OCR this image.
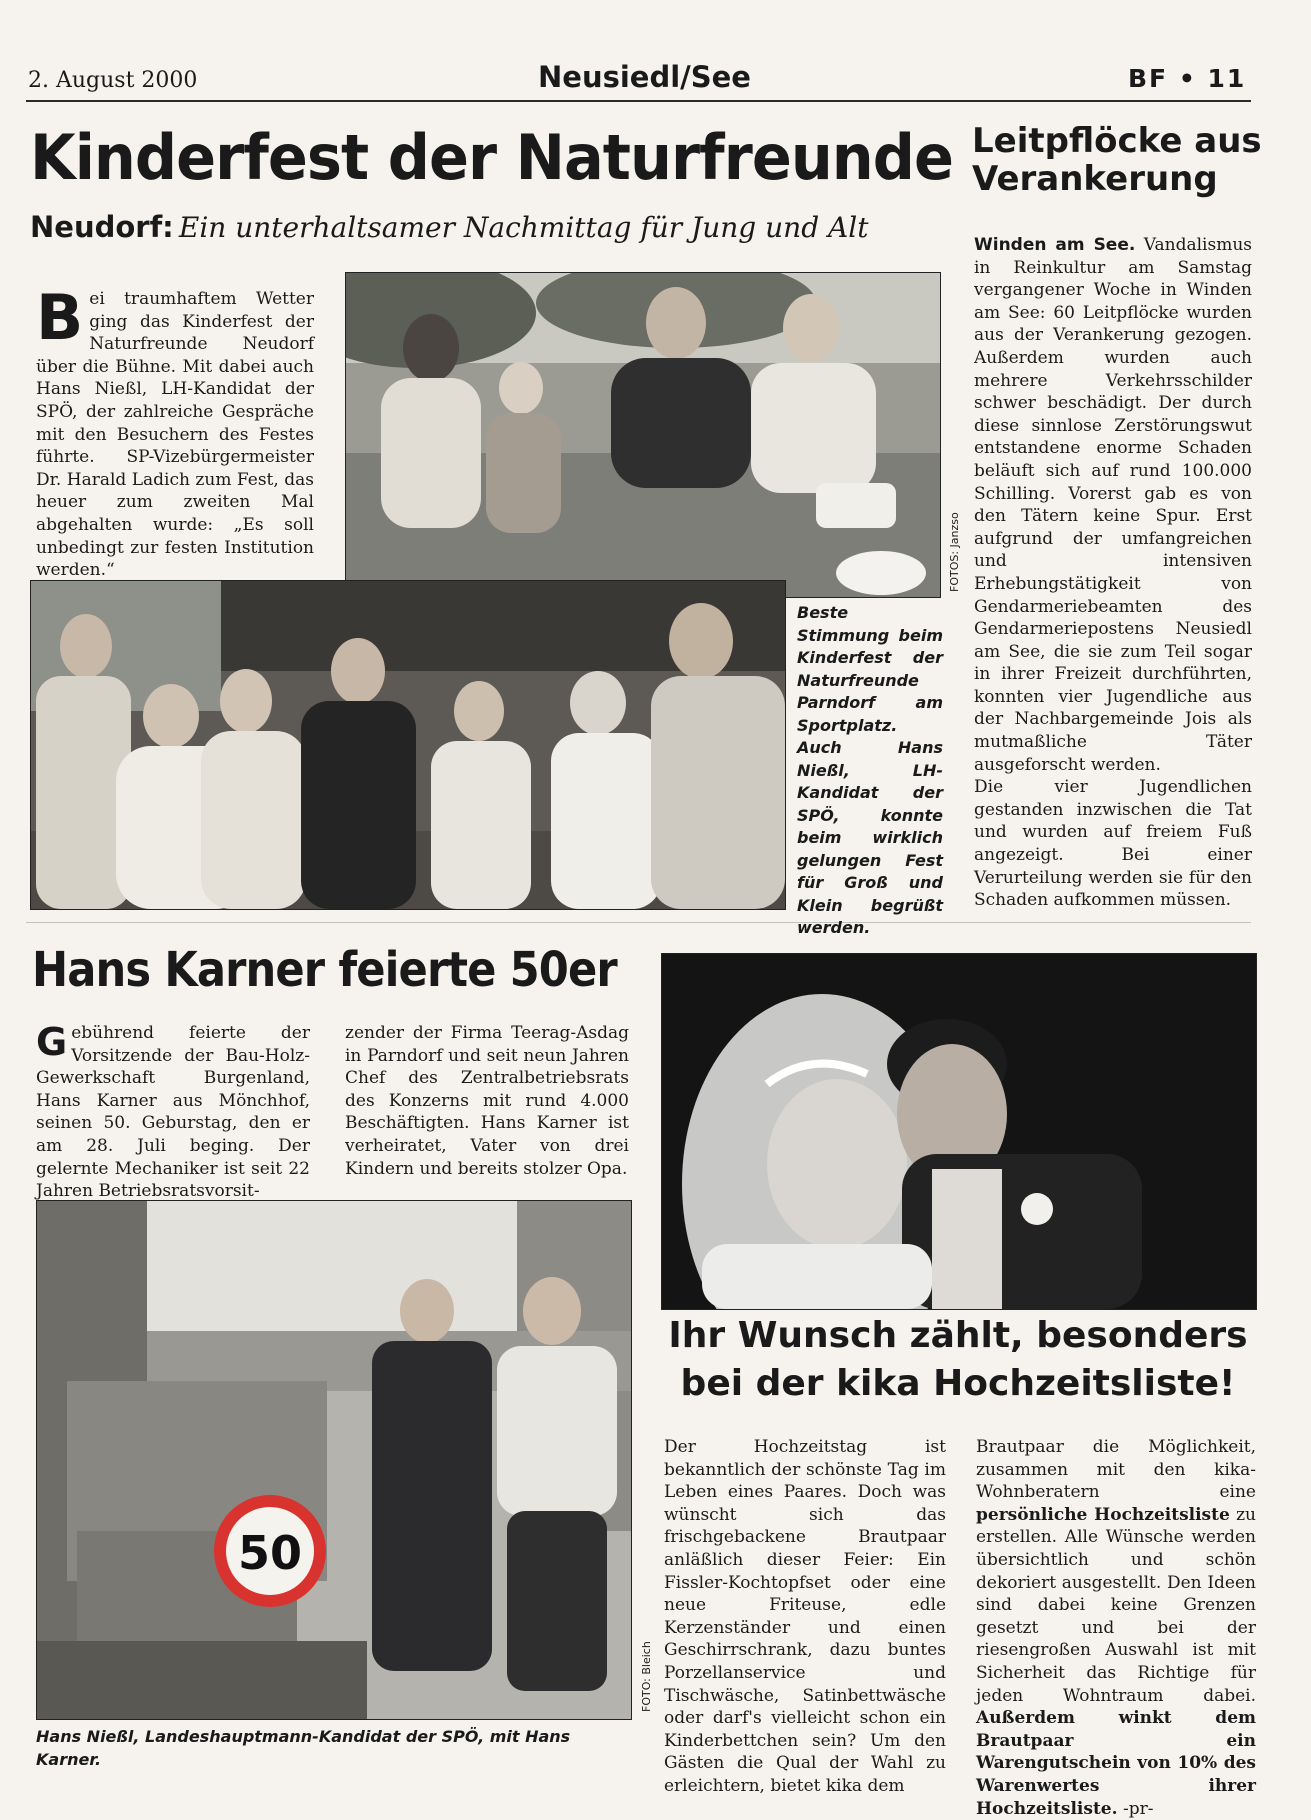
2. August 2000	Neusiedl/See	BF • 11
Kinderfest der Naturfreunde
Neudorf: Ein unterhaltsamer Nachmittag für Jung und Alt
B ei traumhaftem Wetter ging das Kinderfest der Naturfreunde Neudorf über die Bühne. Mit dabei auch Hans Nießl, LH-Kandidat der SPÖ, der zahlreiche Gespräche mit den Besuchern des Festes führte. SP-Vizebürgermeister Dr. Harald Ladich zum Fest, das heuer zum zweiten Mal abgehalten wurde: „Es soll unbedingt zur festen Institution werden.“	FOTOS: Janzso
Beste Stimmung beim Kinderfest der Naturfreunde Parndorf am Sportplatz. Auch Hans Nießl, LH-Kandidat der SPÖ, konnte beim wirklich gelungen Fest für Groß und Klein begrüßt werden.
Leitpflöcke aus Verankerung

Winden am See. Vandalismus in Reinkultur am Samstag vergangener Woche in Winden am See: 60 Leitpflöcke wurden aus der Verankerung gezogen. Außerdem wurden auch mehrere Verkehrsschilder schwer beschädigt. Der durch diese sinnlose Zerstörungswut entstandene enorme Schaden beläuft sich auf rund 100.000 Schilling. Vorerst gab es von den Tätern keine Spur. Erst aufgrund der umfangreichen und intensiven Erhebungstätigkeit von Gendarmeriebeamten des Gendarmeriepostens Neusiedl am See, die sie zum Teil sogar in ihrer Freizeit durchführten, konnten vier Jugendliche aus der Nachbargemeinde Jois als mutmaßliche Täter ausgeforscht werden.

Die vier Jugendlichen gestanden inzwischen die Tat und wurden auf freiem Fuß angezeigt. Bei einer Verurteilung werden sie für den Schaden aufkommen müssen.

Hans Karner feierte 50er
G ebührend feierte der Vorsitzende der Bau-Holz-Gewerkschaft Burgenland, Hans Karner aus Mönchhof, seinen 50. Geburstag, den er am 28. Juli beging. Der gelernte Mechaniker ist seit 22 Jahren Betriebsratsvorsit-
zender der Firma Teerag-Asdag in Parndorf und seit neun Jahren Chef des Zentralbetriebsrats des Konzerns mit rund 4.000 Beschäftigten. Hans Karner ist verheiratet, Vater von drei Kindern und bereits stolzer Opa.
50
FOTO: Bleich
Hans Nießl, Landeshauptmann-Kandidat der SPÖ, mit Hans Karner.
Ihr Wunsch zählt, besonders
bei der kika Hochzeitsliste!
Der Hochzeitstag ist bekanntlich der schönste Tag im Leben eines Paares. Doch was wünscht sich das frischgebackene Brautpaar anläßlich dieser Feier: Ein Fissler-Kochtopfset oder eine neue Friteuse, edle Kerzenständer und einen Geschirrschrank, dazu buntes Porzellanservice und Tischwäsche, Satinbettwäsche oder darf's vielleicht schon ein Kinderbettchen sein? Um den Gästen die Qual der Wahl zu erleichtern, bietet kika dem
Brautpaar die Möglichkeit, zusammen mit den kika-Wohnberatern eine persönliche Hochzeitsliste zu erstellen. Alle Wünsche werden übersichtlich und schön dekoriert ausgestellt. Den Ideen sind dabei keine Grenzen gesetzt und bei der riesengroßen Auswahl ist mit Sicherheit das Richtige für jeden Wohntraum dabei. Außerdem winkt dem Brautpaar ein Warengutschein von 10% des Warenwertes ihrer Hochzeitsliste. -pr-
